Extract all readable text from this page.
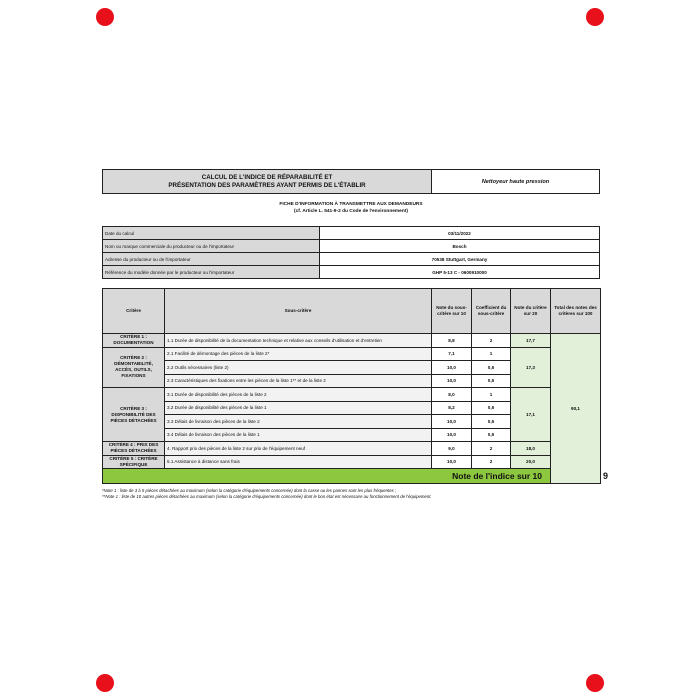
CALCUL DE L'INDICE DE RÉPARABILITÉ ET
PRÉSENTATION DES PARAMÈTRES AYANT PERMIS DE L'ÉTABLIR	Nettoyeur haute pression
FICHE D'INFORMATION À TRANSMETTRE AUX DEMANDEURS
(cf. Article L. 541-9-2 du Code de l'environnement)
Date du calcul	03/11/2022
Nom ou marque commerciale du producteur ou de l'importateur	Bosch
Adresse du producteur ou de l'importateur	70538 Stuttgart, Germany
Référence du modèle donnée par le producteur ou l'importateur	GHP 5-13 C - 0600910000
Critère	Sous-critère	Note du sous-critère sur 10	Coefficient du sous-critère	Note du critère sur 20	Total des notes des critères sur 100	
CRITÈRE 1 : DOCUMENTATION	1.1 Durée de disponibilité de la documentation technique et relative aux conseils d'utilisation et d'entretien	8,8	2	17,7	90,1	
CRITÈRE 2 : DÉMONTABILITÉ, ACCÈS, OUTILS, FIXATIONS	2.1 Facilité de démontage des pièces de la liste 2*	7,1	1	17,3		
	2.2 Outils nécessaires (liste 2)	10,0	0,5			
	2.3 Caractéristiques des fixations entre les pièces de la liste 1** et de la liste 2	10,0	0,5			
CRITÈRE 3 : DISPONIBILITÉ DES PIÈCES DÉTACHÉES	3.1 Durée de disponibilité des pièces de la liste 2	8,0	1	17,1		
	3.2 Durée de disponibilité des pièces de la liste 1	8,2	0,5			
	3.3 Délais de livraison des pièces de la liste 2	10,0	0,5			
	3.4 Délais de livraison des pièces de la liste 1	10,0	0,5			
CRITÈRE 4 : PRIX DES PIÈCES DÉTACHÉES	4. Rapport prix des pièces de la liste 2 sur prix de l'équipement neuf	9,0	2	18,0		
CRITÈRE 5 : CRITÈRE SPÉCIFIQUE	5.1 Assistance à distance sans frais	10,0	2	20,0		
Note de l'indice sur 10						9
*Note 1 : liste de 3 à 5 pièces détachées au maximum (selon la catégorie d'équipements concernée) dont la casse ou les pannes sont les plus fréquentes ;
**Note 1 : liste de 10 autres pièces détachées au maximum (selon la catégorie d'équipements concernée) dont le bon état est nécessaire au fonctionnement de l'équipement.
